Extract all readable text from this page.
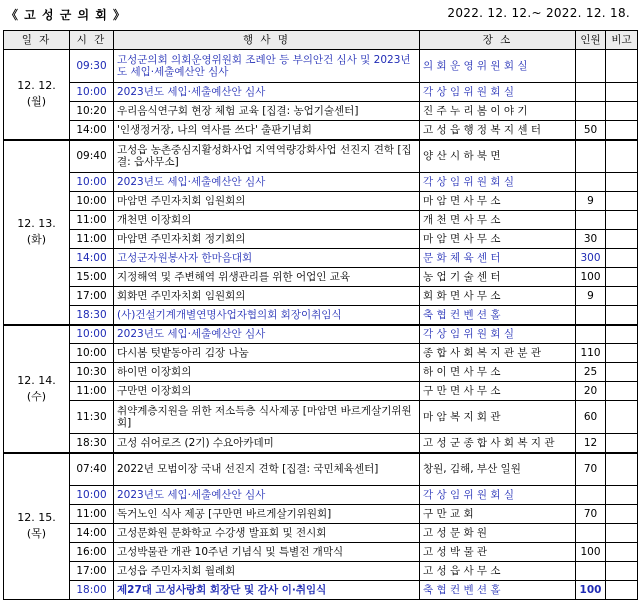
《 고 성 군 의 회 》	2022. 12. 12.~ 2022. 12. 18.
일 자	시 간	행 사 명	장 소	인원	비고

12. 12.
(월)	09:30	고성군의회 의회운영위원회 조례안 등 부의안건 심사 및 2023년도 세입·세출예산안 심사	의 회 운 영 위 원 회 실		
	10:00	2023년도 세입·세출예산안 심사	각 상 임 위 원 회 실		
	10:20	우리음식연구회 현장 체험 교육 [집결: 농업기술센터]	진 주 누 리 봄 이 야 기		
	14:00	'인생정거장, 나의 역사를 쓰다' 출판기념회	고 성 읍 행 정 복 지 센 터	50	

12. 13.
(화)	09:40	고성읍 농촌중심지활성화사업 지역역량강화사업 선진지 견학 [집결: 읍사무소]	양 산 시 하 북 면		
	10:00	2023년도 세입·세출예산안 심사	각 상 임 위 원 회 실		
	10:00	마암면 주민자치회 임원회의	마 암 면 사 무 소	9	
	11:00	개천면 이장회의	개 천 면 사 무 소		
	11:00	마암면 주민자치회 정기회의	마 암 면 사 무 소	30	
	14:00	고성군자원봉사자 한마음대회	문 화 체 육 센 터	300	
	15:00	지정해역 및 주변해역 위생관리를 위한 어업인 교육	농 업 기 술 센 터	100	
	17:00	회화면 주민자치회 임원회의	회 화 면 사 무 소	9	
	18:30	(사)건설기계개별연명사업자협의회 회장이취임식	축 협 컨 벤 션 홀		

12. 14.
(수)	10:00	2023년도 세입·세출예산안 심사	각 상 임 위 원 회 실		
	10:00	다시봄 텃밭동아리 김장 나눔	종 합 사 회 복 지 관 분 관	110	
	10:30	하이면 이장회의	하 이 면 사 무 소	25	
	11:00	구만면 이장회의	구 만 면 사 무 소	20	
	11:30	취약계층지원을 위한 저소득층 식사제공 [마암면 바르게살기위원회]	마 암 복 지 회 관	60	
	18:30	고성 쉬어로즈 (2기) 수요아카데미	고 성 군 종 합 사 회 복 지 관	12	

12. 15.
(목)	07:40	2022년 모범이장 국내 선진지 견학 [집결: 국민체육센터]	창원, 김해, 부산 일원	70	
	10:00	2023년도 세입·세출예산안 심사	각 상 임 위 원 회 실		
	11:00	독거노인 식사 제공 [구만면 바르게살기위원회]	구 만 교 회	70	
	14:00	고성문화원 문화학교 수강생 발표회 및 전시회	고 성 문 화 원		
	16:00	고성박물관 개관 10주년 기념식 및 특별전 개막식	고 성 박 물 관	100	
	17:00	고성읍 주민자치회 월례회	고 성 읍 사 무 소		
	18:00	제27대 고성사랑회 회장단 및 감사 이·취임식	축 협 컨 벤 션 홀	100	
